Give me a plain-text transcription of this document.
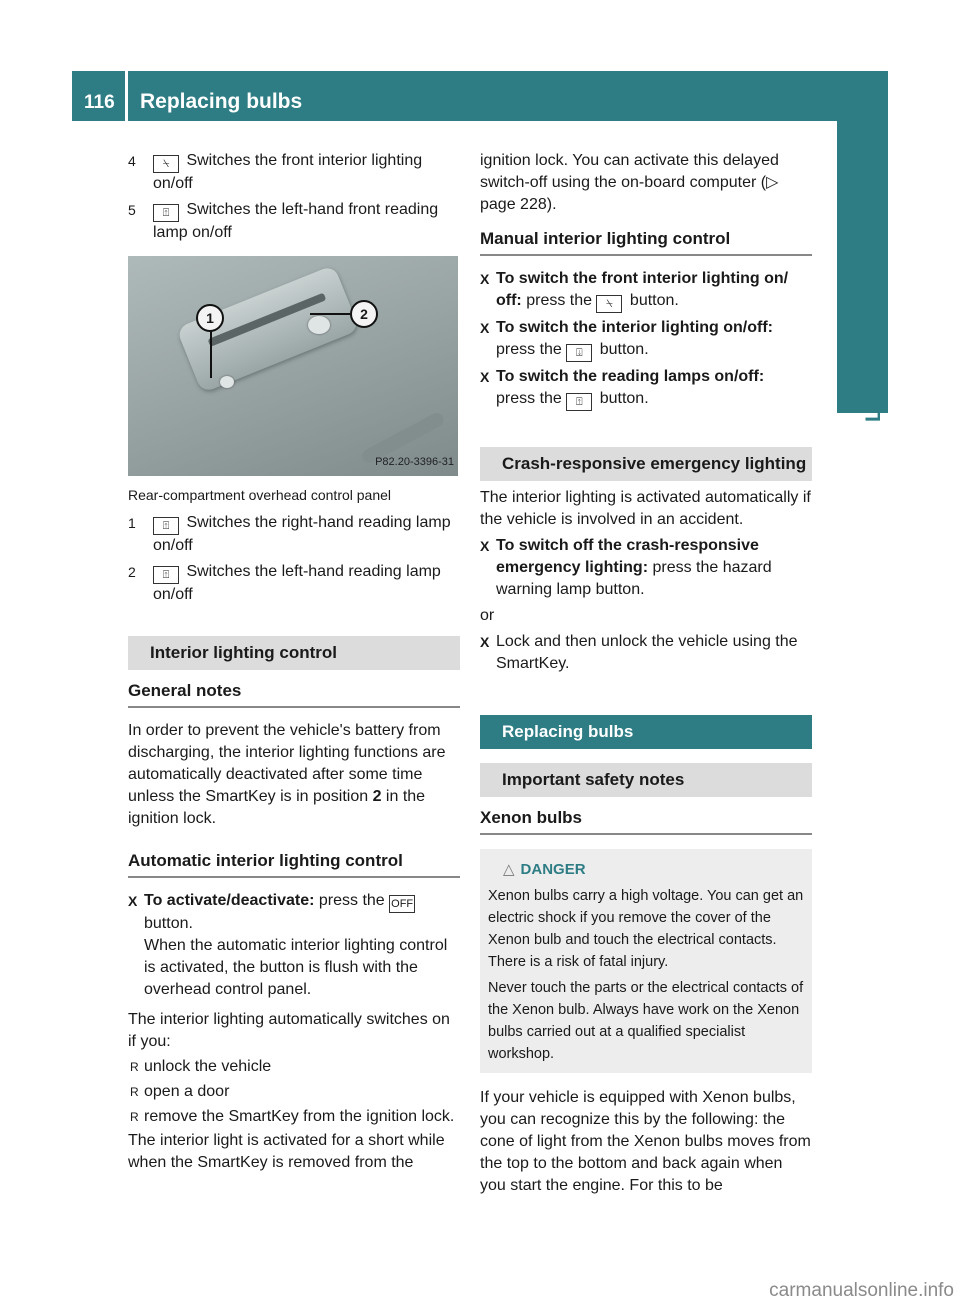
116 Replacing bulbs
Lights and windshield wipers
4 ⍀ Switches the front interior lighting on/off
5 ⍐ Switches the left-hand front reading lamp on/off
1	2
P82.20-3396-31

Rear-compartment overhead control panel

1 ⍐ Switches the right-hand reading lamp on/off
2 ⍐ Switches the left-hand reading lamp on/off
Interior lighting control
General notes

In order to prevent the vehicle's battery from discharging, the interior lighting functions are automatically deactivated after some time unless the SmartKey is in position 2 in the ignition lock.

Automatic interior lighting control
X To activate/deactivate: press the OFF
button.
When the automatic interior lighting control is activated, the button is flush with the overhead control panel.

The interior lighting automatically switches on if you:

R unlock the vehicle
R open a door
R remove the SmartKey from the ignition lock.

The interior light is activated for a short while when the SmartKey is removed from the

ignition lock. You can activate this delayed switch-off using the on-board computer (▷ page 228).

Manual interior lighting control
X To switch the front interior lighting on/ off: press the ⍀ button.
X To switch the interior lighting on/off:
press the ⍗ button.
X To switch the reading lamps on/off:
press the ⍐ button.
Crash-responsive emergency lighting

The interior lighting is activated automatically if the vehicle is involved in an accident.

X To switch off the crash-responsive emergency lighting: press the hazard warning lamp button.

or

X Lock and then unlock the vehicle using the SmartKey.
Replacing bulbs
Important safety notes
Xenon bulbs
△ DANGER

Xenon bulbs carry a high voltage. You can get an electric shock if you remove the cover of the Xenon bulb and touch the electrical contacts. There is a risk of fatal injury.

Never touch the parts or the electrical contacts of the Xenon bulb. Always have work on the Xenon bulbs carried out at a qualified specialist workshop.

If your vehicle is equipped with Xenon bulbs, you can recognize this by the following: the cone of light from the Xenon bulbs moves from the top to the bottom and back again when you start the engine. For this to be

carmanualsonline.info
